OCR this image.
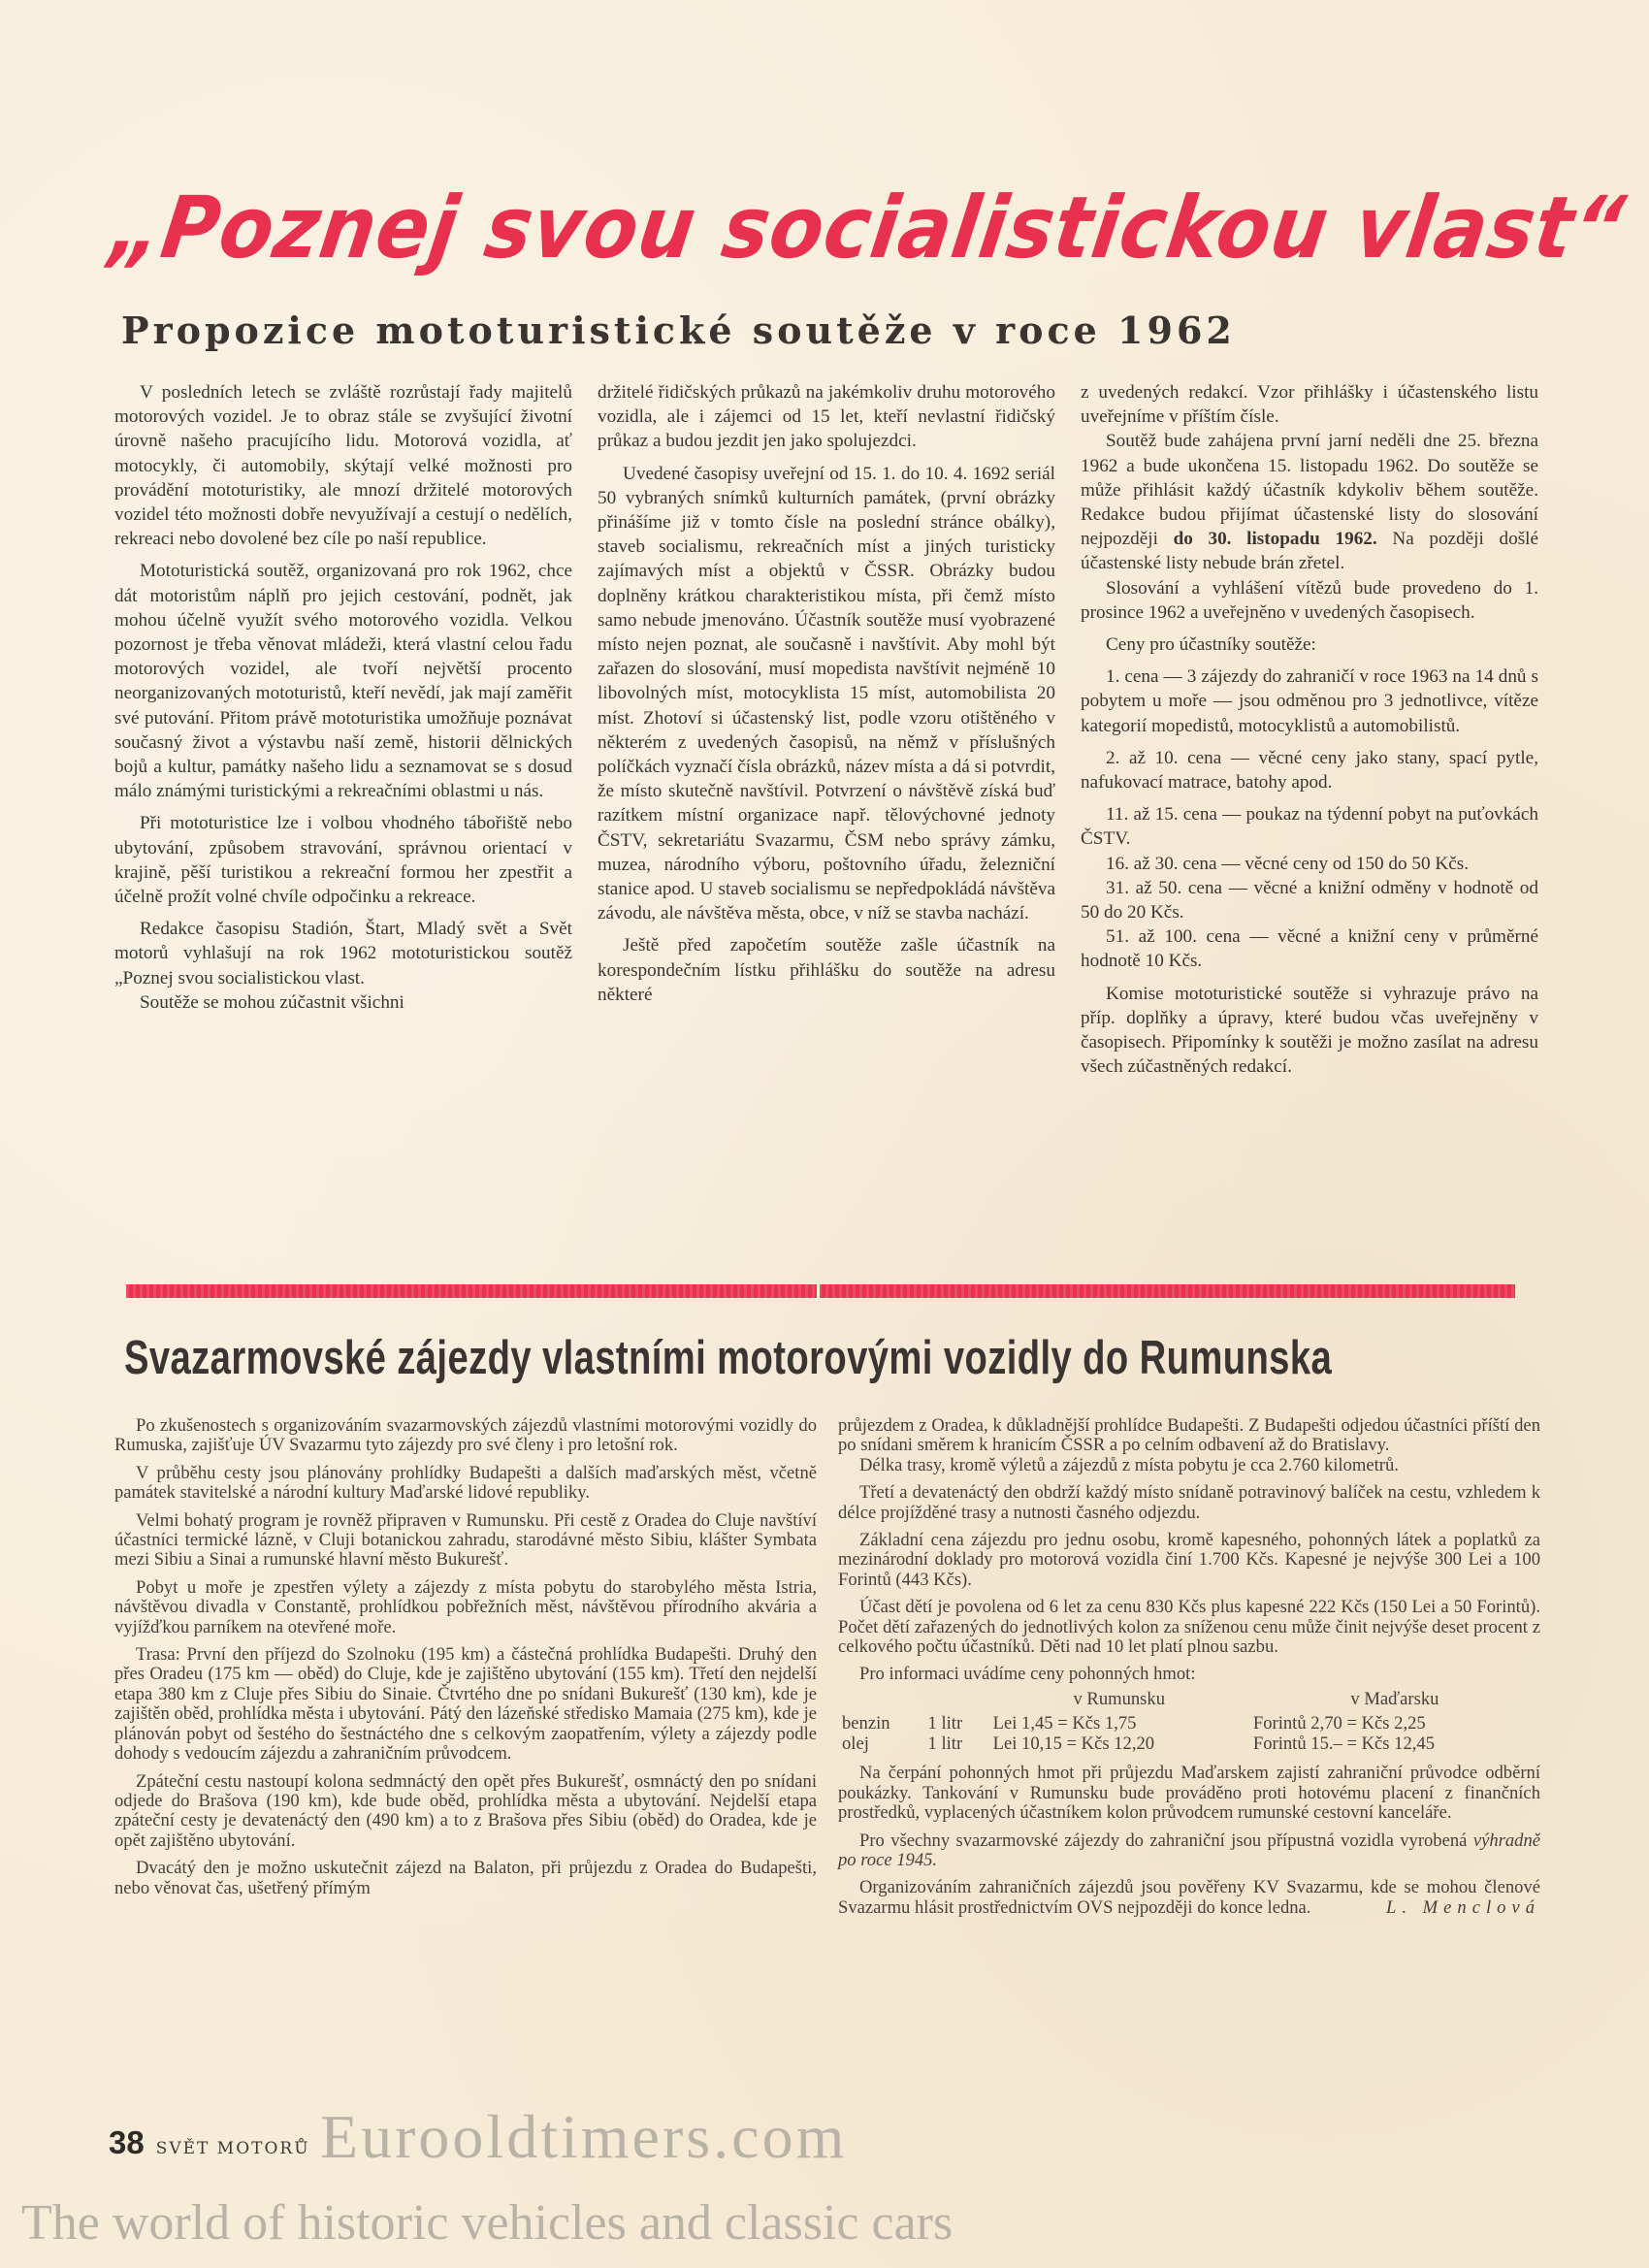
„Poznej svou socialistickou vlast“
Propozice mototuristické soutěže v roce 1962

V posledních letech se zvláště rozrůstají řady majitelů motorových vozidel. Je to obraz stále se zvyšující životní úrovně našeho pracujícího lidu. Motorová vozidla, ať motocykly, či automobily, skýtají velké možnosti pro provádění mototuristiky, ale mnozí držitelé motorových vozidel této možnosti dobře nevyužívají a cestují o nedělích, rekreaci nebo dovolené bez cíle po naší republice.

Mototuristická soutěž, organizovaná pro rok 1962, chce dát motoristům náplň pro jejich cestování, podnět, jak mohou účelně využít svého motorového vozidla. Velkou pozornost je třeba věnovat mládeži, která vlastní celou řadu motorových vozidel, ale tvoří největší procento neorganizovaných mototuristů, kteří nevědí, jak mají zaměřit své putování. Přitom právě mototuristika umožňuje poznávat současný život a výstavbu naší země, historii dělnických bojů a kultur, památky našeho lidu a seznamovat se s dosud málo známými turistickými a rekreačními oblastmi u nás.

Při mototuristice lze i volbou vhodného tábořiště nebo ubytování, způsobem stravování, správnou orientací v krajině, pěší turistikou a rekreační formou her zpestřit a účelně prožít volné chvíle odpočinku a rekreace.

Redakce časopisu Stadión, Štart, Mladý svět a Svět motorů vyhlašují na rok 1962 mototuristickou soutěž „Poznej svou socialistickou vlast.

Soutěže se mohou zúčastnit všichni

držitelé řidičských průkazů na jakémkoliv druhu motorového vozidla, ale i zájemci od 15 let, kteří nevlastní řidičský průkaz a budou jezdit jen jako spolujezdci.

Uvedené časopisy uveřejní od 15. 1. do 10. 4. 1692 seriál 50 vybraných snímků kulturních památek, (první obrázky přinášíme již v tomto čísle na poslední stránce obálky), staveb socialismu, rekreačních míst a jiných turisticky zajímavých míst a objektů v ČSSR. Obrázky budou doplněny krátkou charakteristikou místa, při čemž místo samo nebude jmenováno. Účastník soutěže musí vyobrazené místo nejen poznat, ale současně i navštívit. Aby mohl být zařazen do slosování, musí mopedista navštívit nejméně 10 libovolných míst, motocyklista 15 míst, automobilista 20 míst. Zhotoví si účastenský list, podle vzoru otištěného v některém z uvedených časopisů, na němž v příslušných políčkách vyznačí čísla obrázků, název místa a dá si potvrdit, že místo skutečně navštívil. Potvrzení o návštěvě získá buď razítkem místní organizace např. tělovýchovné jednoty ČSTV, sekretariátu Svazarmu, ČSM nebo správy zámku, muzea, národního výboru, poštovního úřadu, železniční stanice apod. U staveb socialismu se nepředpokládá návštěva závodu, ale návštěva města, obce, v níž se stavba nachází.

Ještě před započetím soutěže zašle účastník na korespondečním lístku přihlášku do soutěže na adresu některé

z uvedených redakcí. Vzor přihlášky i účastenského listu uveřejníme v příštím čísle.

Soutěž bude zahájena první jarní neděli dne 25. března 1962 a bude ukončena 15. listopadu 1962. Do soutěže se může přihlásit každý účastník kdykoliv během soutěže. Redakce budou přijímat účastenské listy do slosování nejpozději do 30. listopadu 1962. Na později došlé účastenské listy nebude brán zřetel.

Slosování a vyhlášení vítězů bude provedeno do 1. prosince 1962 a uveřejněno v uvedených časopisech.

Ceny pro účastníky soutěže:

1. cena — 3 zájezdy do zahraničí v roce 1963 na 14 dnů s pobytem u moře — jsou odměnou pro 3 jednotlivce, vítěze kategorií mopedistů, motocyklistů a automobilistů.

2. až 10. cena — věcné ceny jako stany, spací pytle, nafukovací matrace, batohy apod.

11. až 15. cena — poukaz na týdenní pobyt na puťovkách ČSTV.

16. až 30. cena — věcné ceny od 150 do 50 Kčs.

31. až 50. cena — věcné a knižní odměny v hodnotě od 50 do 20 Kčs.

51. až 100. cena — věcné a knižní ceny v průměrné hodnotě 10 Kčs.

Komise mototuristické soutěže si vyhrazuje právo na příp. doplňky a úpravy, které budou včas uveřejněny v časopisech. Připomínky k soutěži je možno zasílat na adresu všech zúčastněných redakcí.

Svazarmovské zájezdy vlastními motorovými vozidly do Rumunska

Po zkušenostech s organizováním svazarmovských zájezdů vlastními motorovými vozidly do Rumuska, zajišťuje ÚV Svazarmu tyto zájezdy pro své členy i pro letošní rok.

V průběhu cesty jsou plánovány prohlídky Budapešti a dalších maďarských měst, včetně památek stavitelské a národní kultury Maďarské lidové republiky.

Velmi bohatý program je rovněž připraven v Rumunsku. Při cestě z Oradea do Cluje navštíví účastníci termické lázně, v Cluji botanickou zahradu, starodávné město Sibiu, klášter Symbata mezi Sibiu a Sinai a rumunské hlavní město Bukurešť.

Pobyt u moře je zpestřen výlety a zájezdy z místa pobytu do starobylého města Istria, návštěvou divadla v Constantě, prohlídkou pobřežních měst, návštěvou přírodního akvária a vyjížďkou parníkem na otevřené moře.

Trasa: První den příjezd do Szolnoku (195 km) a částečná prohlídka Budapešti. Druhý den přes Oradeu (175 km — oběd) do Cluje, kde je zajištěno ubytování (155 km). Třetí den nejdelší etapa 380 km z Cluje přes Sibiu do Sinaie. Čtvrtého dne po snídani Bukurešť (130 km), kde je zajištěn oběd, prohlídka města i ubytování. Pátý den lázeňské středisko Mamaia (275 km), kde je plánován pobyt od šestého do šestnáctého dne s celkovým zaopatřením, výlety a zájezdy podle dohody s vedoucím zájezdu a zahraničním průvodcem.

Zpáteční cestu nastoupí kolona sedmnáctý den opět přes Bukurešť, osmnáctý den po snídani odjede do Brašova (190 km), kde bude oběd, prohlídka města a ubytování. Nejdelší etapa zpáteční cesty je devatenáctý den (490 km) a to z Brašova přes Sibiu (oběd) do Oradea, kde je opět zajištěno ubytování.

Dvacátý den je možno uskutečnit zájezd na Balaton, při průjezdu z Oradea do Budapešti, nebo věnovat čas, ušetřený přímým

průjezdem z Oradea, k důkladnější prohlídce Budapešti. Z Budapešti odjedou účastníci příští den po snídani směrem k hranicím ČSSR a po celním odbavení až do Bratislavy.

Délka trasy, kromě výletů a zájezdů z místa pobytu je cca 2.760 kilometrů.

Třetí a devatenáctý den obdrží každý místo snídaně potravinový balíček na cestu, vzhledem k délce projížděné trasy a nutnosti časného odjezdu.

Základní cena zájezdu pro jednu osobu, kromě kapesného, pohonných látek a poplatků za mezinárodní doklady pro motorová vozidla činí 1.700 Kčs. Kapesné je nejvýše 300 Lei a 100 Forintů (443 Kčs).

Účast dětí je povolena od 6 let za cenu 830 Kčs plus kapesné 222 Kčs (150 Lei a 50 Forintů). Počet dětí zařazených do jednotlivých kolon za sníženou cenu může činit nejvýše deset procent z celkového počtu účastníků. Děti nad 10 let platí plnou sazbu.

Pro informaci uvádíme ceny pohonných hmot:

		v Rumunsku	v Maďarsku
benzin	1 litr	Lei 1,45 = Kčs 1,75	Forintů 2,70 = Kčs 2,25
olej	1 litr	Lei 10,15 = Kčs 12,20	Forintů 15.– = Kčs 12,45

Na čerpání pohonných hmot při průjezdu Maďarskem zajistí zahraniční průvodce odběrní poukázky. Tankování v Rumunsku bude prováděno proti hotovému placení z finančních prostředků, vyplacených účastníkem kolon průvodcem rumunské cestovní kanceláře.

Pro všechny svazarmovské zájezdy do zahraniční jsou přípustná vozidla vyrobená výhradně po roce 1945.

Organizováním zahraničních zájezdů jsou pověřeny KV Svazarmu, kde se mohou členové Svazarmu hlásit prostřednictvím OVS nejpozději do konce ledna.	L. Menclová

38 SVĚT MOTORŮ Eurooldtimers.com
The world of historic vehicles and classic cars
